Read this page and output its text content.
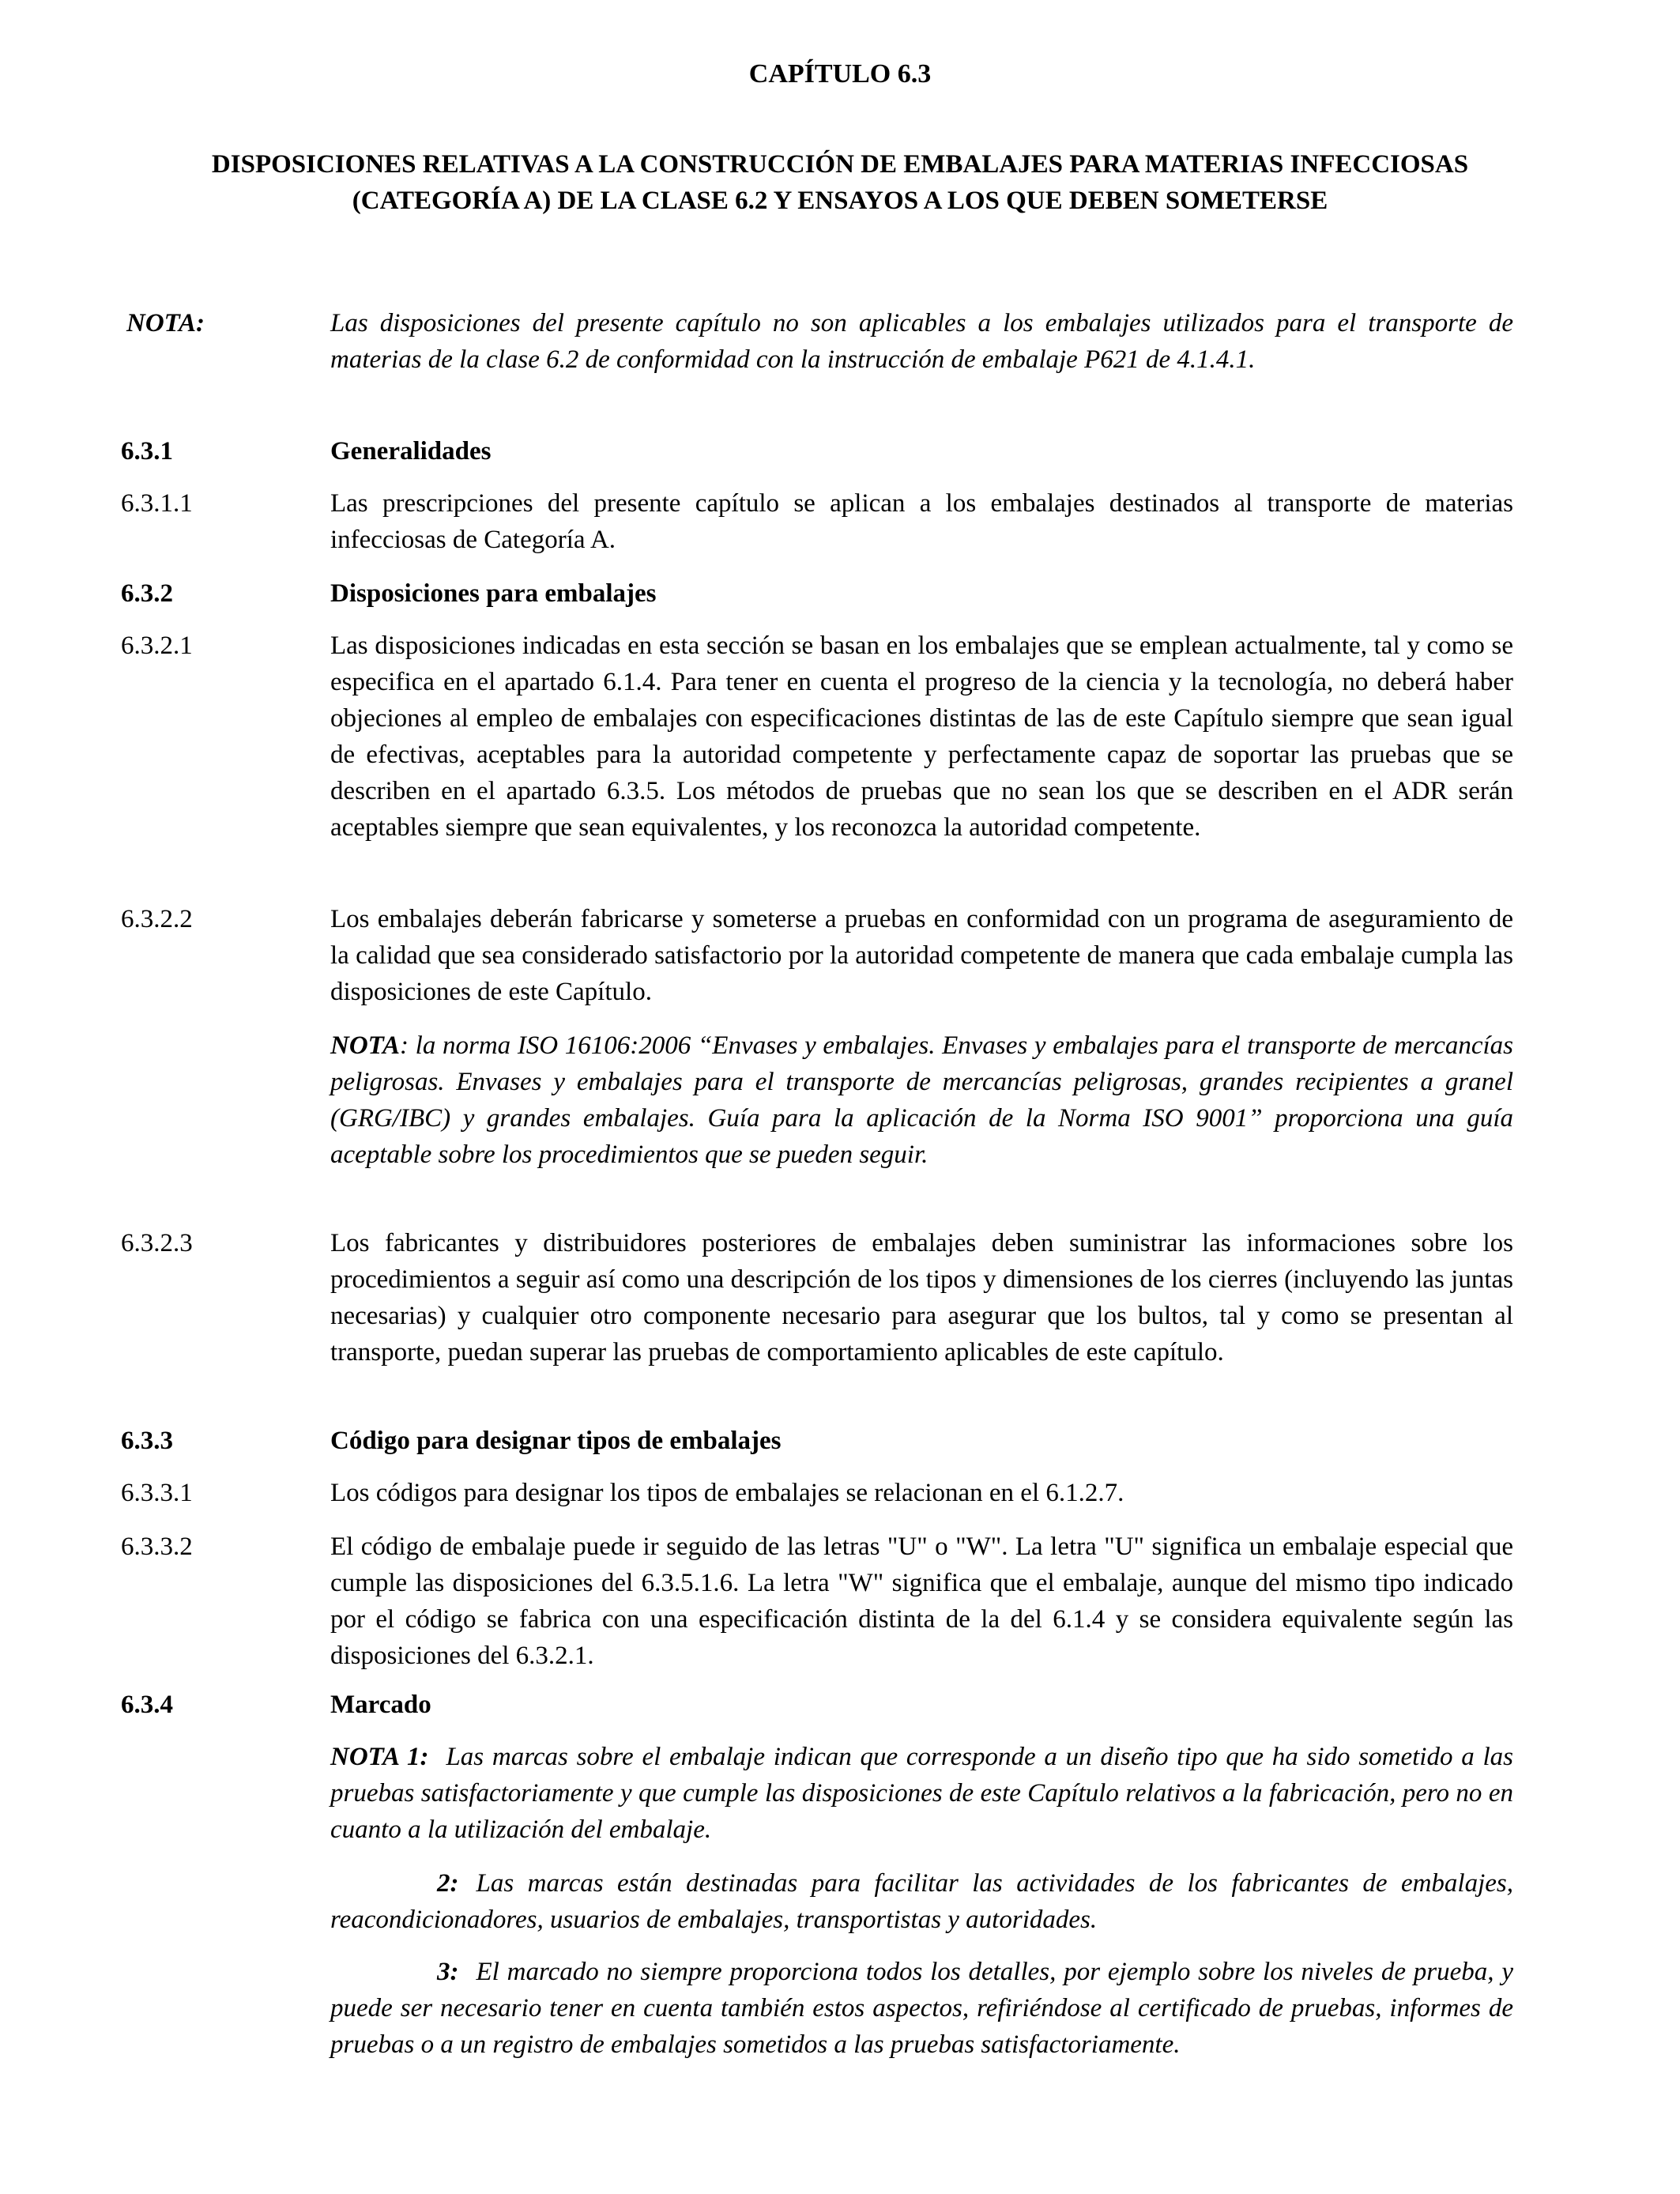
CAPÍTULO 6.3
DISPOSICIONES RELATIVAS A LA CONSTRUCCIÓN DE EMBALAJES PARA MATERIAS INFECCIOSAS (CATEGORÍA A) DE LA CLASE 6.2 Y ENSAYOS A LOS QUE DEBEN SOMETERSE
NOTA:	Las disposiciones del presente capítulo no son aplicables a los embalajes utilizados para el transporte de materias de la clase 6.2 de conformidad con la instrucción de embalaje P621 de 4.1.4.1.
6.3.1	Generalidades
6.3.1.1	Las prescripciones del presente capítulo se aplican a los embalajes destinados al transporte de materias infecciosas de Categoría A.
6.3.2	Disposiciones para embalajes
6.3.2.1	Las disposiciones indicadas en esta sección se basan en los embalajes que se emplean actualmente, tal y como se especifica en el apartado 6.1.4. Para tener en cuenta el progreso de la ciencia y la tecnología, no deberá haber objeciones al empleo de embalajes con especificaciones distintas de las de este Capítulo siempre que sean igual de efectivas, aceptables para la autoridad competente y perfectamente capaz de soportar las pruebas que se describen en el apartado 6.3.5. Los métodos de pruebas que no sean los que se describen en el ADR serán aceptables siempre que sean equivalentes, y los reconozca la autoridad competente.
6.3.2.2	Los embalajes deberán fabricarse y someterse a pruebas en conformidad con un programa de aseguramiento de la calidad que sea considerado satisfactorio por la autoridad competente de manera que cada embalaje cumpla las disposiciones de este Capítulo.
NOTA: la norma ISO 16106:2006 “Envases y embalajes. Envases y embalajes para el transporte de mercancías peligrosas. Envases y embalajes para el transporte de mercancías peligrosas, grandes recipientes a granel (GRG/IBC) y grandes embalajes. Guía para la aplicación de la Norma ISO 9001” proporciona una guía aceptable sobre los procedimientos que se pueden seguir.
6.3.2.3	Los fabricantes y distribuidores posteriores de embalajes deben suministrar las informaciones sobre los procedimientos a seguir así como una descripción de los tipos y dimensiones de los cierres (incluyendo las juntas necesarias) y cualquier otro componente necesario para asegurar que los bultos, tal y como se presentan al transporte, puedan superar las pruebas de comportamiento aplicables de este capítulo.
6.3.3	Código para designar tipos de embalajes
6.3.3.1	Los códigos para designar los tipos de embalajes se relacionan en el 6.1.2.7.
6.3.3.2	El código de embalaje puede ir seguido de las letras "U" o "W". La letra "U" significa un embalaje especial que cumple las disposiciones del 6.3.5.1.6. La letra "W" significa que el embalaje, aunque del mismo tipo indicado por el código se fabrica con una especificación distinta de la del 6.1.4 y se considera equivalente según las disposiciones del 6.3.2.1.
6.3.4	Marcado
NOTA 1: Las marcas sobre el embalaje indican que corresponde a un diseño tipo que ha sido sometido a las pruebas satisfactoriamente y que cumple las disposiciones de este Capítulo relativos a la fabricación, pero no en cuanto a la utilización del embalaje.
2: Las marcas están destinadas para facilitar las actividades de los fabricantes de embalajes, reacondicionadores, usuarios de embalajes, transportistas y autoridades.
3: El marcado no siempre proporciona todos los detalles, por ejemplo sobre los niveles de prueba, y puede ser necesario tener en cuenta también estos aspectos, refiriéndose al certificado de pruebas, informes de pruebas o a un registro de embalajes sometidos a las pruebas satisfactoriamente.
